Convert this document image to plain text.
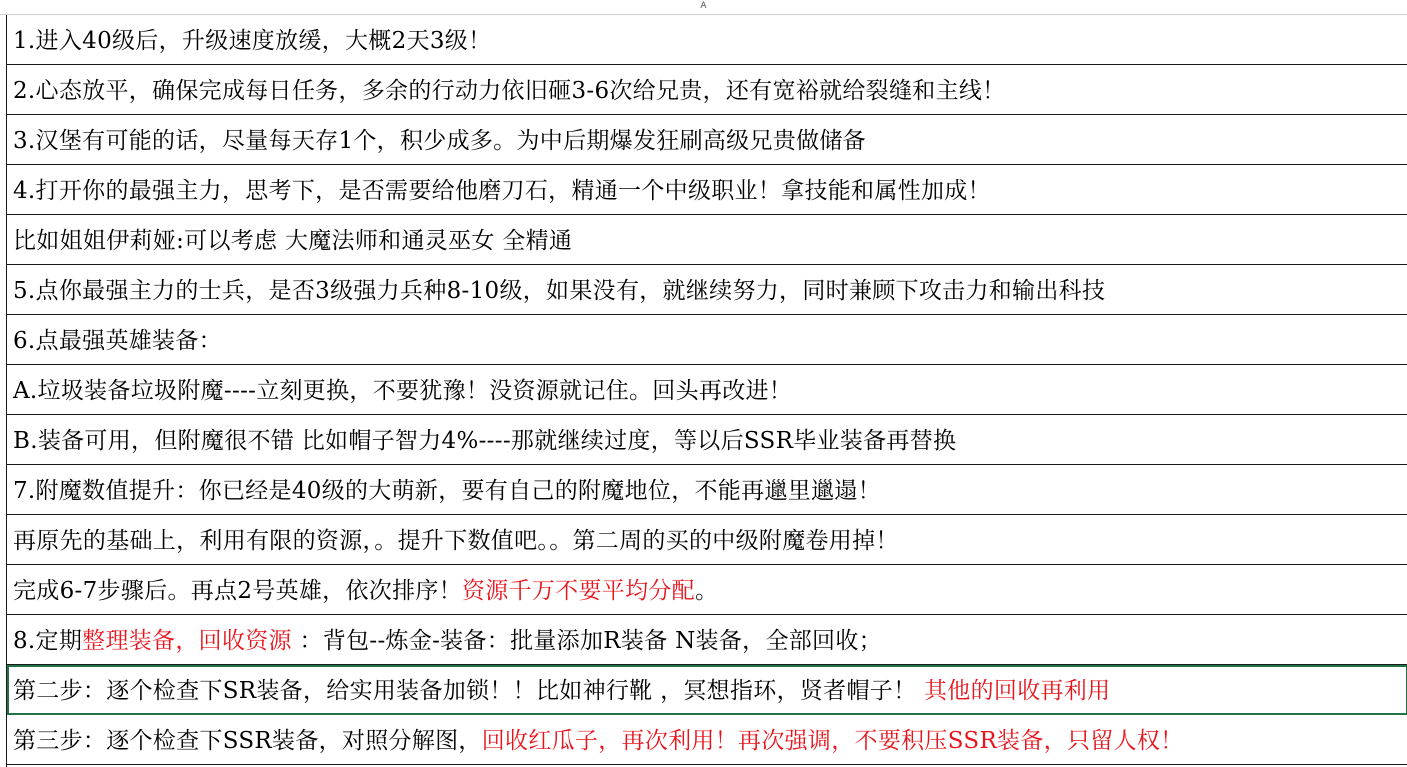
A
1.进入40级后，升级速度放缓，大概2天3级！
2.心态放平，确保完成每日任务，多余的行动力依旧砸3-6次给兄贵，还有宽裕就给裂缝和主线！
3.汉堡有可能的话，尽量每天存1个，积少成多。为中后期爆发狂刷高级兄贵做储备
4.打开你的最强主力，思考下，是否需要给他磨刀石，精通一个中级职业！拿技能和属性加成！
比如姐姐伊莉娅:可以考虑 大魔法师和通灵巫女 全精通
5.点你最强主力的士兵，是否3级强力兵种8-10级，如果没有，就继续努力，同时兼顾下攻击力和输出科技
6.点最强英雄装备：
A.垃圾装备垃圾附魔----立刻更换，不要犹豫！没资源就记住。回头再改进！
B.装备可用，但附魔很不错 比如帽子智力4%----那就继续过度，等以后SSR毕业装备再替换
7.附魔数值提升：你已经是40级的大萌新，要有自己的附魔地位，不能再邋里邋遢！
再原先的基础上，利用有限的资源，。提升下数值吧。。第二周的买的中级附魔卷用掉！
完成6-7步骤后。再点2号英雄，依次排序！资源千万不要平均分配。
8.定期整理装备，回收资源 ：背包--炼金-装备：批量添加R装备 N装备，全部回收；
第二步：逐个检查下SR装备，给实用装备加锁！！比如神行靴 ，冥想指环，贤者帽子！ 其他的回收再利用
第三步：逐个检查下SSR装备，对照分解图，回收红瓜子，再次利用！再次强调，不要积压SSR装备，只留人权！
